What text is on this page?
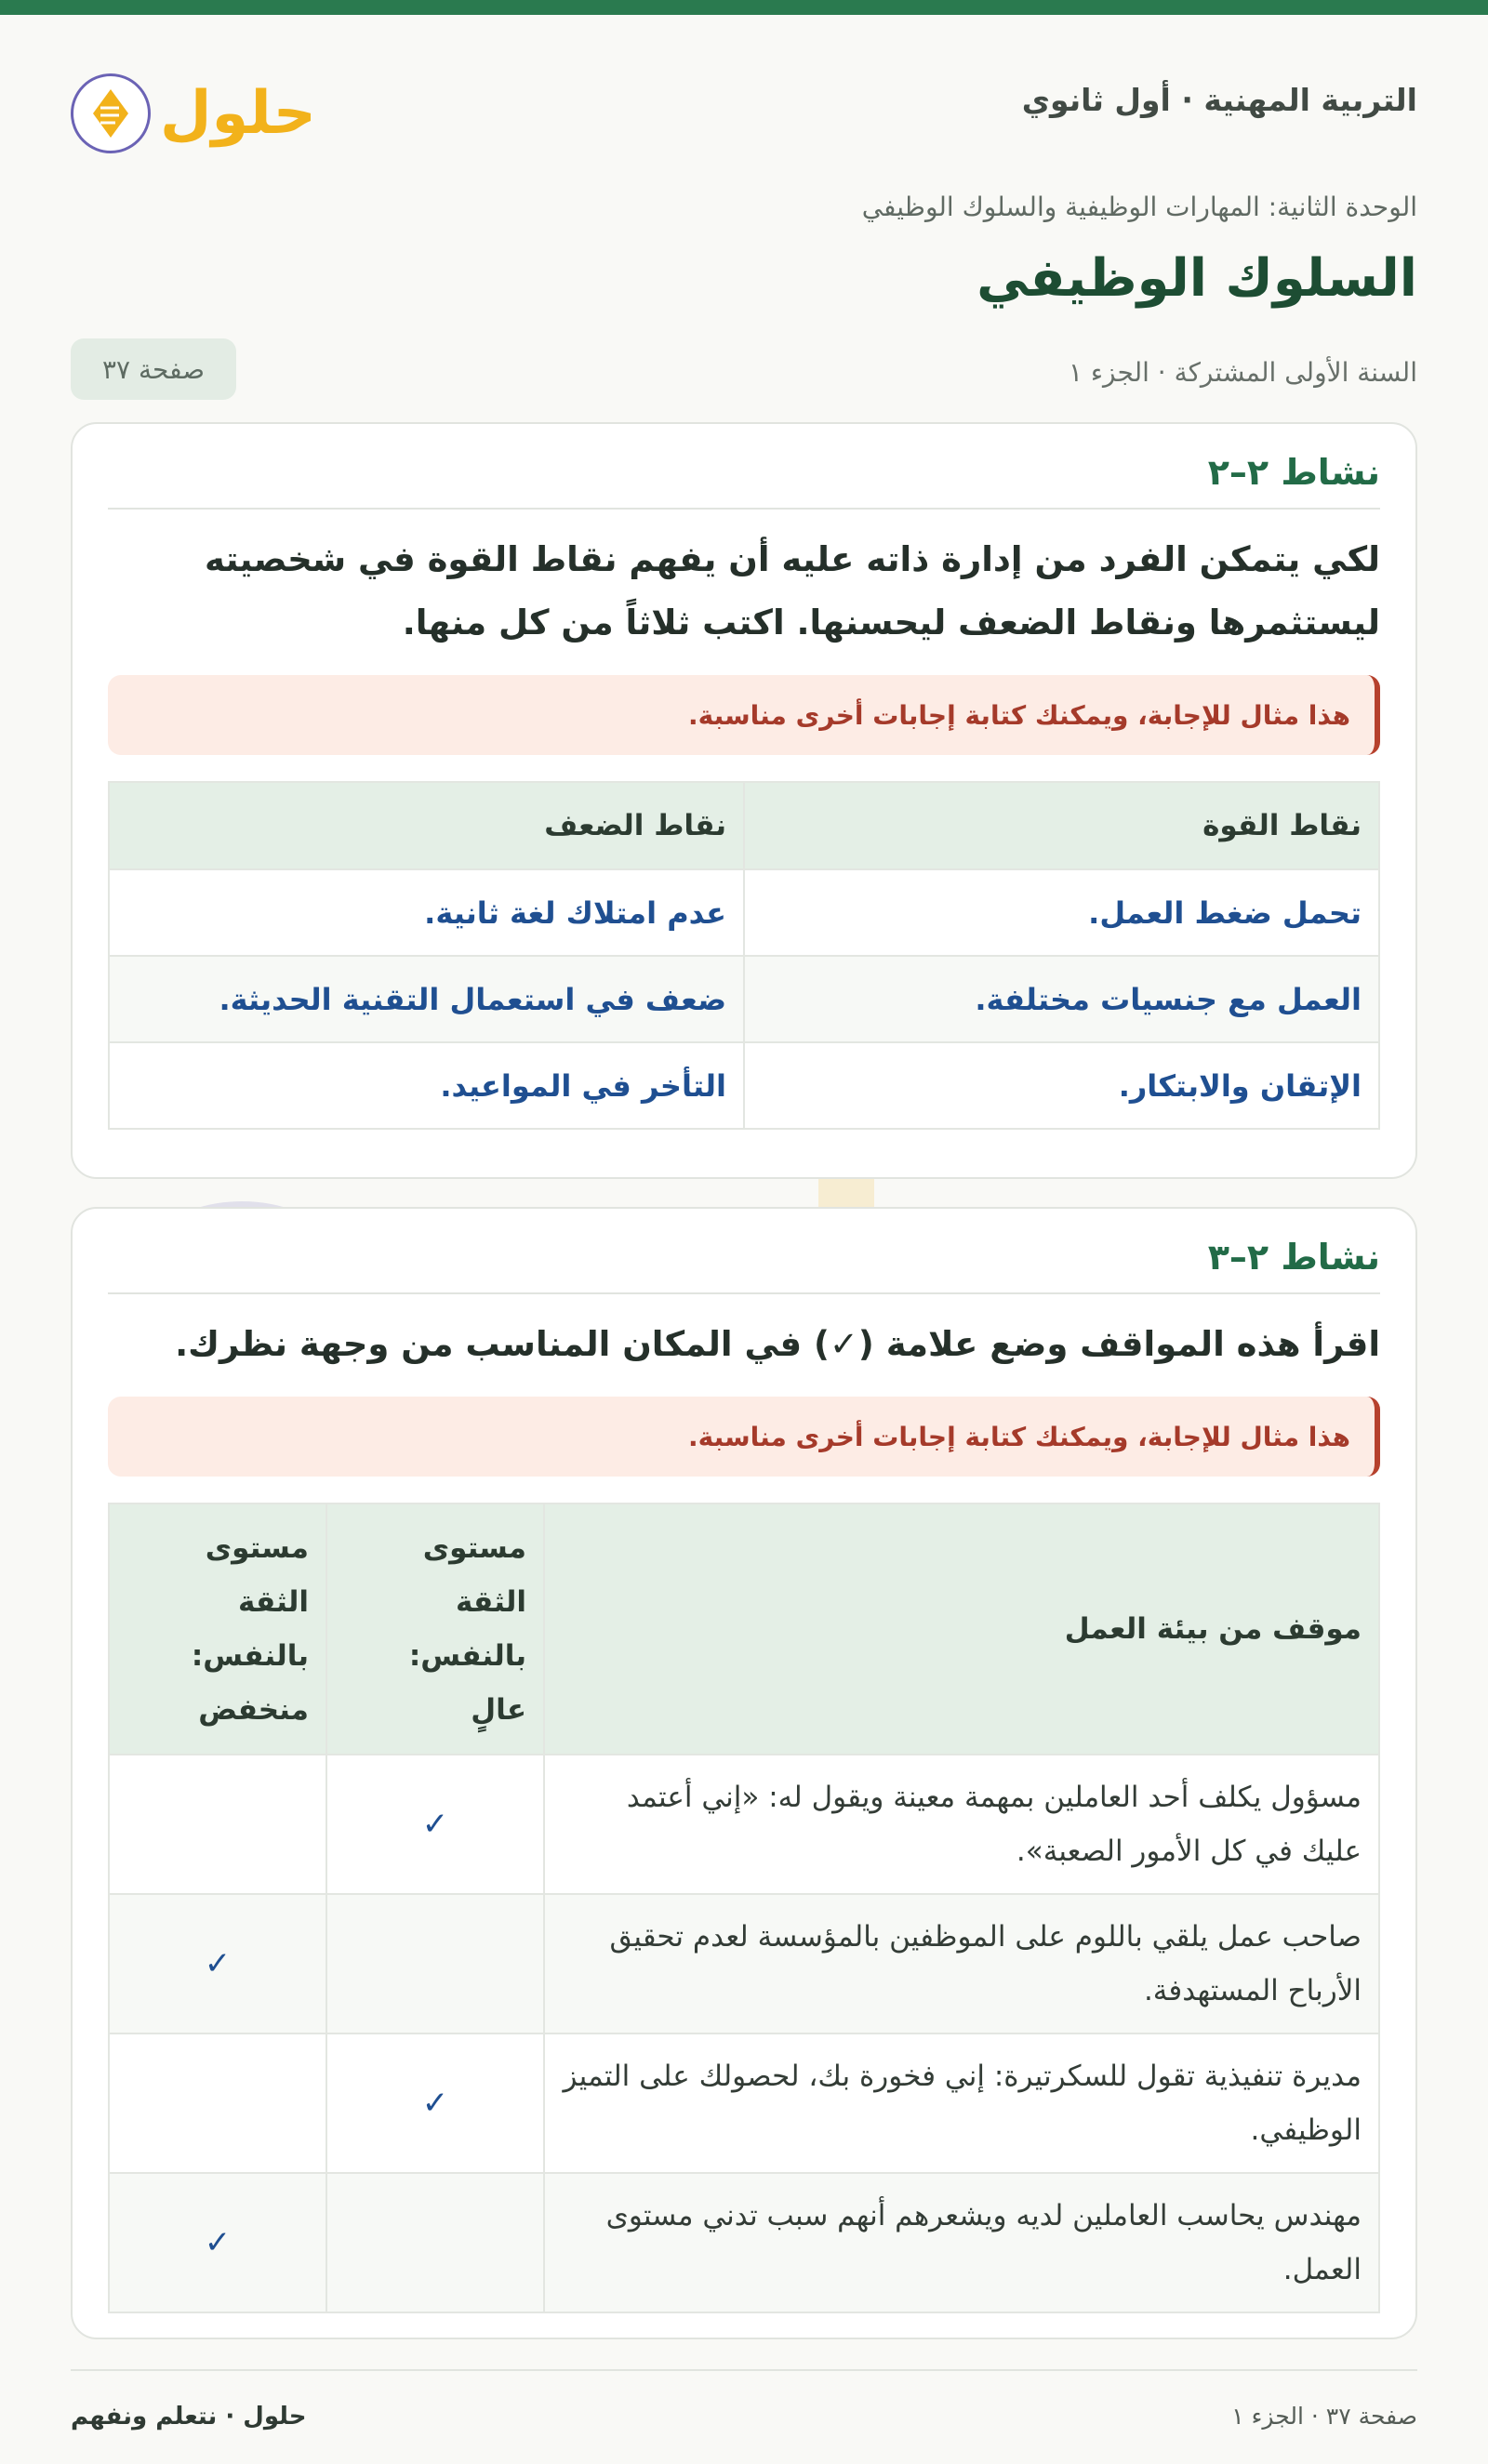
التربية المهنية · أول ثانوي
حلول
الوحدة الثانية: المهارات الوظيفية والسلوك الوظيفي
السلوك الوظيفي
السنة الأولى المشتركة · الجزء ١
صفحة ٣٧
نشاط ٢–٢
لكي يتمكن الفرد من إدارة ذاته عليه أن يفهم نقاط القوة في شخصيته ليستثمرها ونقاط الضعف ليحسنها. اكتب ثلاثاً من كل منها.
هذا مثال للإجابة، ويمكنك كتابة إجابات أخرى مناسبة.
نقاط القوة	نقاط الضعف
تحمل ضغط العمل.	عدم امتلاك لغة ثانية.
العمل مع جنسيات مختلفة.	ضعف في استعمال التقنية الحديثة.
الإتقان والابتكار.	التأخر في المواعيد.
نشاط ٢–٣
اقرأ هذه المواقف وضع علامة (✓) في المكان المناسب من وجهة نظرك.
هذا مثال للإجابة، ويمكنك كتابة إجابات أخرى مناسبة.
موقف من بيئة العمل	مستوى الثقة بالنفس: عالٍ	مستوى الثقة بالنفس: منخفض
مسؤول يكلف أحد العاملين بمهمة معينة ويقول له: «إني أعتمد عليك في كل الأمور الصعبة».	✓	
صاحب عمل يلقي باللوم على الموظفين بالمؤسسة لعدم تحقيق الأرباح المستهدفة.		✓
مديرة تنفيذية تقول للسكرتيرة: إني فخورة بك، لحصولك على التميز الوظيفي.	✓	
مهندس يحاسب العاملين لديه ويشعرهم أنهم سبب تدني مستوى العمل.		✓
حلول · نتعلم ونفهم	صفحة ٣٧ · الجزء ١
